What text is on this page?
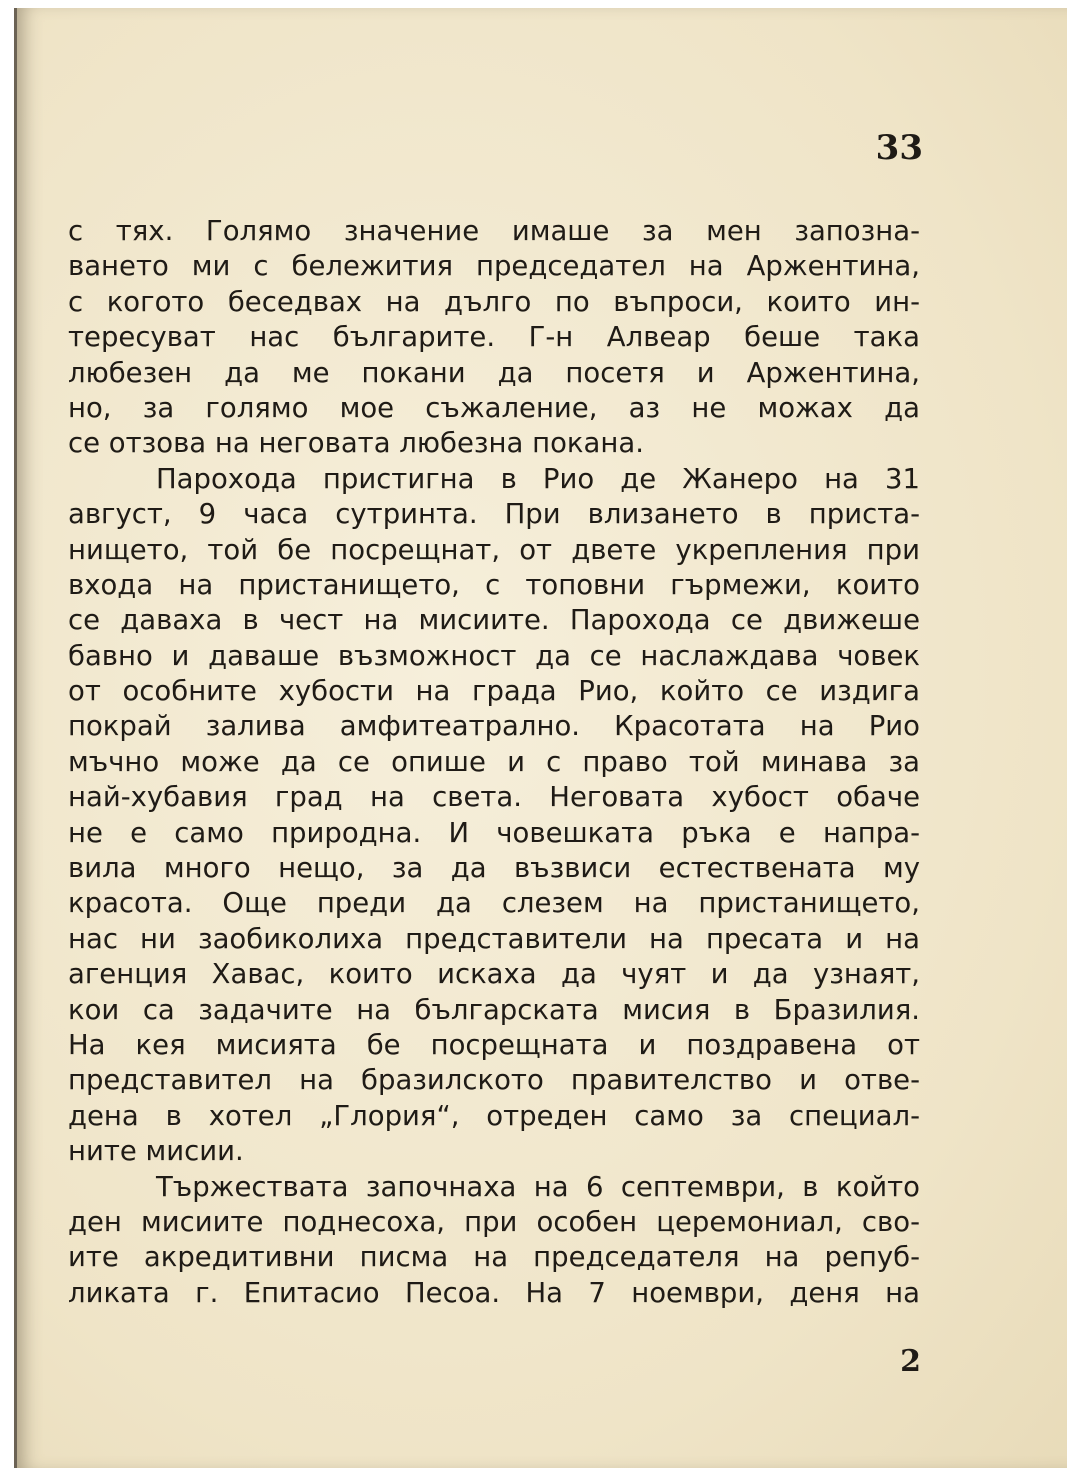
33
с тях. Голямо значение имаше за мен запозна-
ването ми с бележития председател на Аржентина,
с когото беседвах на дълго по въпроси, които ин-
тересуват нас българите. Г-н Алвеар беше така
любезен да ме покани да посетя и Аржентина,
но, за голямо мое съжаление, аз не можах да
се отзова на неговата любезна покана.
Парохода пристигна в Рио де Жанеро на 31
август, 9 часа сутринта. При влизането в приста-
нището, той бе посрещнат, от двете укрепления при
входа на пристанището, с топовни гърмежи, които
се даваха в чест на мисиите. Парохода се движеше
бавно и даваше възможност да се наслаждава човек
от особните хубости на града Рио, който се издига
покрай залива амфитеатрално. Красотата на Рио
мъчно може да се опише и с право той минава за
най-хубавия град на света. Неговата хубост обаче
не е само природна. И човешката ръка е напра-
вила много нещо, за да възвиси естествената му
красота. Още преди да слезем на пристанището,
нас ни заобиколиха представители на пресата и на
агенция Хавас, които искаха да чуят и да узнаят,
кои са задачите на българската мисия в Бразилия.
На кея мисията бе посрещната и поздравена от
представител на бразилското правителство и отве-
дена в хотел „Глория“, отреден само за специал-
ните мисии.
Тържествата започнаха на 6 септември, в който
ден мисиите поднесоха, при особен церемониал, сво-
ите акредитивни писма на председателя на репуб-
ликата г. Епитасио Песоа. На 7 ноември, деня на
2
